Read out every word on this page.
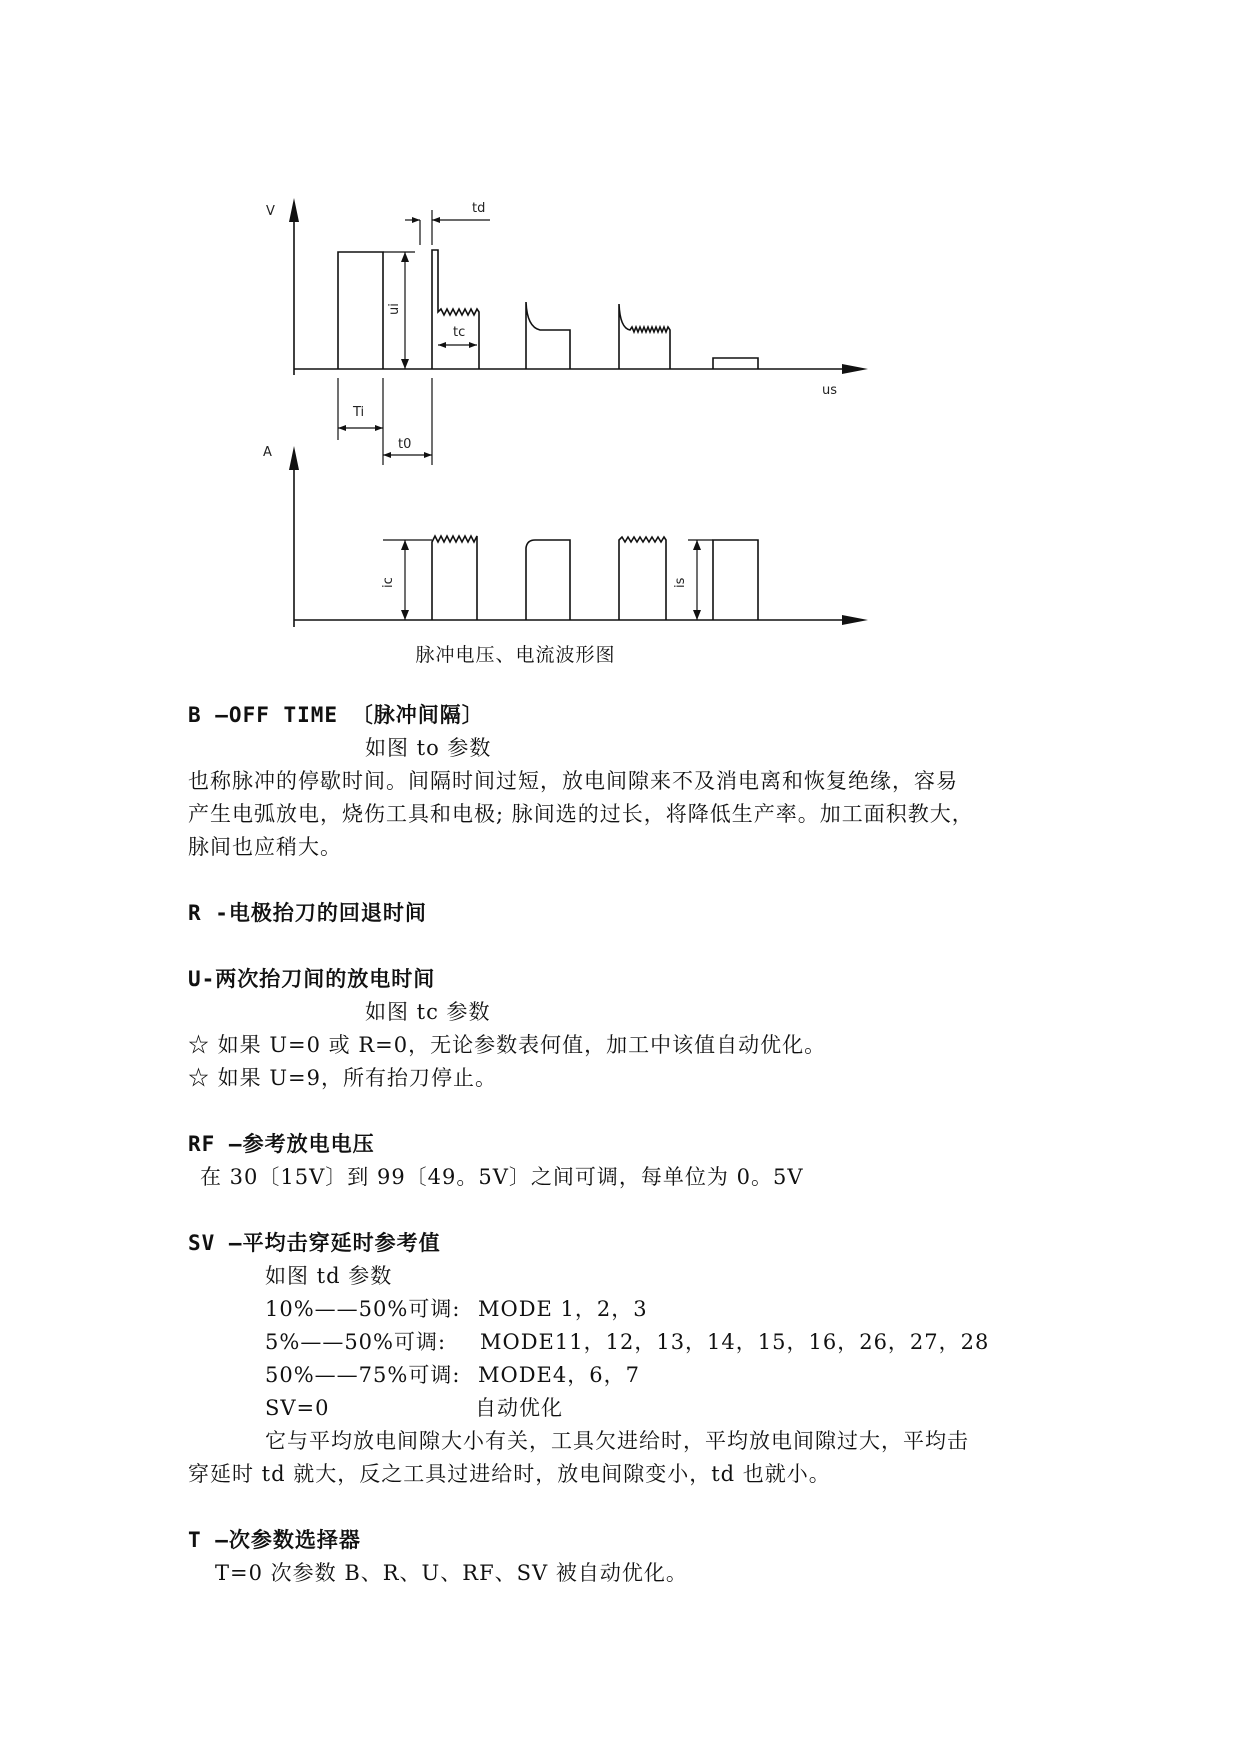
V
A
us
td
tc
Ti
t0
ui
ic	is
脉冲电压、电流波形图
B –OFF TIME 〔脉冲间隔〕
如图 to 参数
也称脉冲的停歇时间。间隔时间过短，放电间隙来不及消电离和恢复绝缘，容易
产生电弧放电，烧伤工具和电极; 脉间选的过长，将降低生产率。加工面积教大，
脉间也应稍大。
R -电极抬刀的回退时间
U-两次抬刀间的放电时间
如图 tc 参数
☆ 如果 U=0 或 R=0，无论参数表何值，加工中该值自动优化。
☆ 如果 U=9，所有抬刀停止。
RF —参考放电电压
在 30〔15V〕到 99〔49。5V〕之间可调，每单位为 0。5V
SV —平均击穿延时参考值
如图 td 参数
10%——50%可调: MODE 1，2，3
5%——50%可调: MODE11，12，13，14，15，16，26，27，28
50%——75%可调: MODE4，6，7
SV=0	自动优化
它与平均放电间隙大小有关，工具欠进给时，平均放电间隙过大，平均击
穿延时 td 就大，反之工具过进给时，放电间隙变小，td 也就小。
T —次参数选择器
T=0 次参数 B、R、U、RF、SV 被自动优化。
